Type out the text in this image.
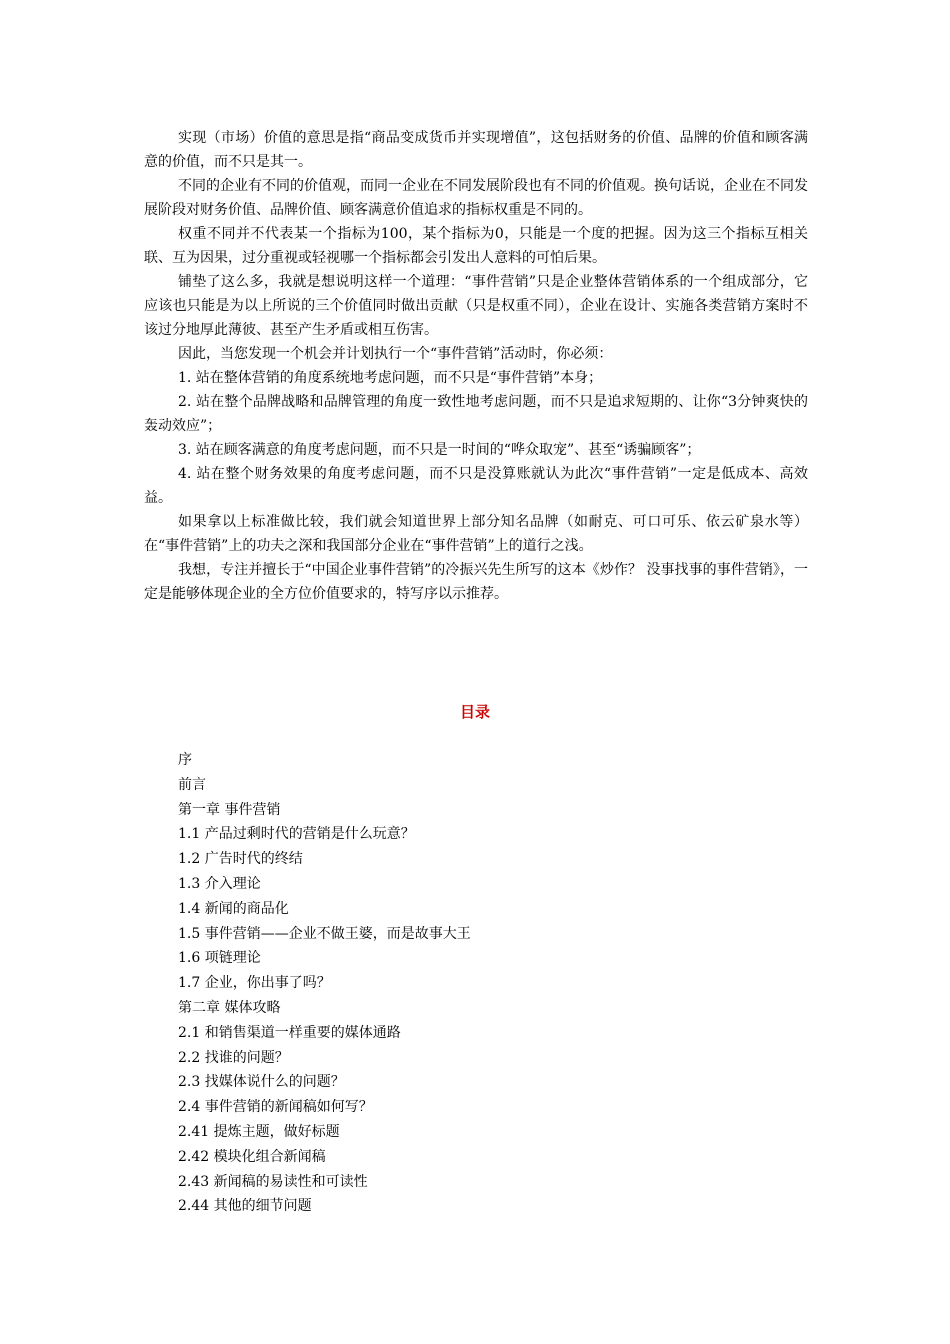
实现（市场）价值的意思是指“商品变成货币并实现增值”，这包括财务的价值、品牌的价值和顾客满意的价值，而不只是其一。

不同的企业有不同的价值观，而同一企业在不同发展阶段也有不同的价值观。换句话说，企业在不同发展阶段对财务价值、品牌价值、顾客满意价值追求的指标权重是不同的。

权重不同并不代表某一个指标为100，某个指标为0，只能是一个度的把握。因为这三个指标互相关联、互为因果，过分重视或轻视哪一个指标都会引发出人意料的可怕后果。

铺垫了这么多，我就是想说明这样一个道理：“事件营销”只是企业整体营销体系的一个组成部分，它应该也只能是为以上所说的三个价值同时做出贡献（只是权重不同），企业在设计、实施各类营销方案时不该过分地厚此薄彼、甚至产生矛盾或相互伤害。

因此，当您发现一个机会并计划执行一个“事件营销”活动时，你必须：

1. 站在整体营销的角度系统地考虑问题，而不只是“事件营销”本身；

2. 站在整个品牌战略和品牌管理的角度一致性地考虑问题，而不只是追求短期的、让你“3分钟爽快的轰动效应”；

3. 站在顾客满意的角度考虑问题，而不只是一时间的“哗众取宠”、甚至“诱骗顾客”；

4. 站在整个财务效果的角度考虑问题，而不只是没算账就认为此次“事件营销”一定是低成本、高效益。

如果拿以上标准做比较，我们就会知道世界上部分知名品牌（如耐克、可口可乐、依云矿泉水等）在“事件营销”上的功夫之深和我国部分企业在“事件营销”上的道行之浅。

我想，专注并擅长于“中国企业事件营销”的冷振兴先生所写的这本《炒作？ 没事找事的事件营销》，一定是能够体现企业的全方位价值要求的，特写序以示推荐。

目录

序

前言

第一章 事件营销

1.1 产品过剩时代的营销是什么玩意？

1.2 广告时代的终结

1.3 介入理论

1.4 新闻的商品化

1.5 事件营销——企业不做王婆，而是故事大王

1.6 项链理论

1.7 企业，你出事了吗？

第二章 媒体攻略

2.1 和销售渠道一样重要的媒体通路

2.2 找谁的问题？

2.3 找媒体说什么的问题？

2.4 事件营销的新闻稿如何写？

2.41 提炼主题，做好标题

2.42 模块化组合新闻稿

2.43 新闻稿的易读性和可读性

2.44 其他的细节问题
